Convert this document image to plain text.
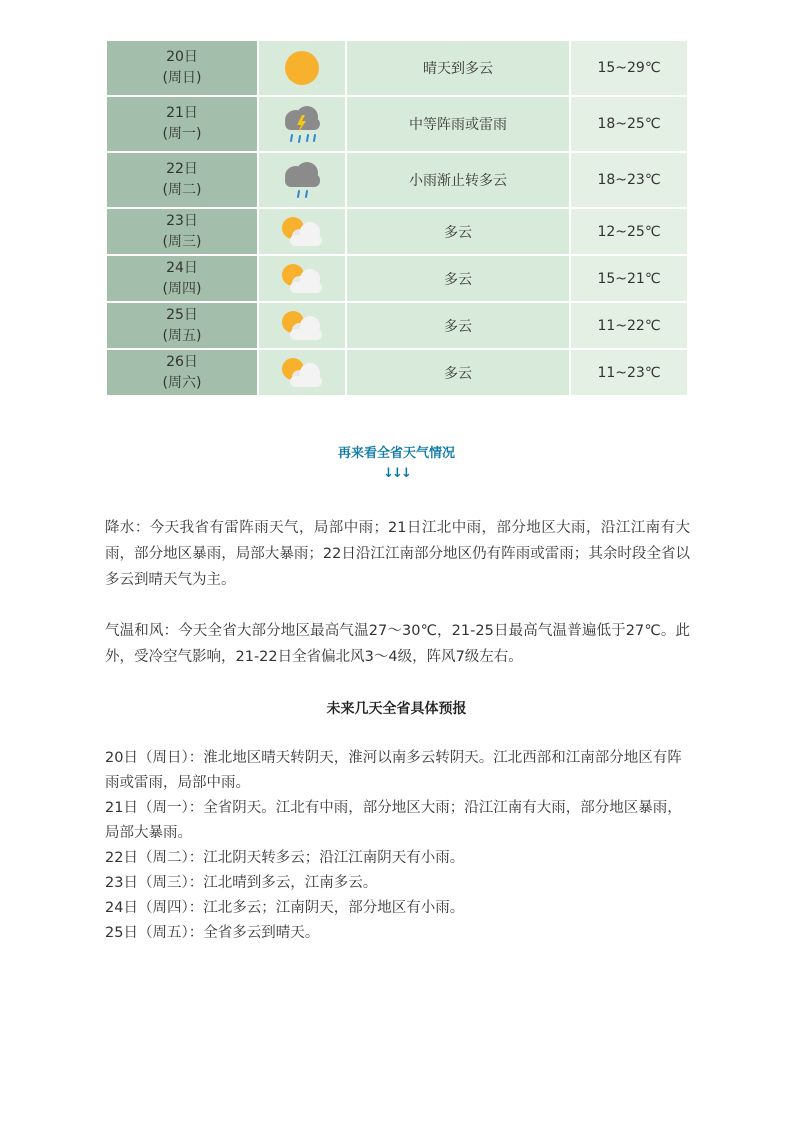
20日
(周日)		晴天到多云	15~29℃

21日
(周一)		中等阵雨或雷雨	18~25℃

22日
(周二)		小雨渐止转多云	18~23℃

23日
(周三)		多云	12~25℃

24日
(周四)		多云	15~21℃

25日
(周五)		多云	11~22℃

26日
(周六)		多云	11~23℃
再来看全省天气情况
↓↓↓

降水：今天我省有雷阵雨天气，局部中雨；21日江北中雨，部分地区大雨，沿江江南有大雨，部分地区暴雨，局部大暴雨；22日沿江江南部分地区仍有阵雨或雷雨；其余时段全省以多云到晴天气为主。

气温和风：今天全省大部分地区最高气温27～30℃，21-25日最高气温普遍低于27℃。此外，受冷空气影响，21-22日全省偏北风3～4级，阵风7级左右。

未来几天全省具体预报
20日（周日）：淮北地区晴天转阴天，淮河以南多云转阴天。江北西部和江南部分地区有阵雨或雷雨，局部中雨。
21日（周一）：全省阴天。江北有中雨，部分地区大雨；沿江江南有大雨，部分地区暴雨，局部大暴雨。
22日（周二）：江北阴天转多云；沿江江南阴天有小雨。
23日（周三）：江北晴到多云，江南多云。
24日（周四）：江北多云；江南阴天，部分地区有小雨。
25日（周五）：全省多云到晴天。
